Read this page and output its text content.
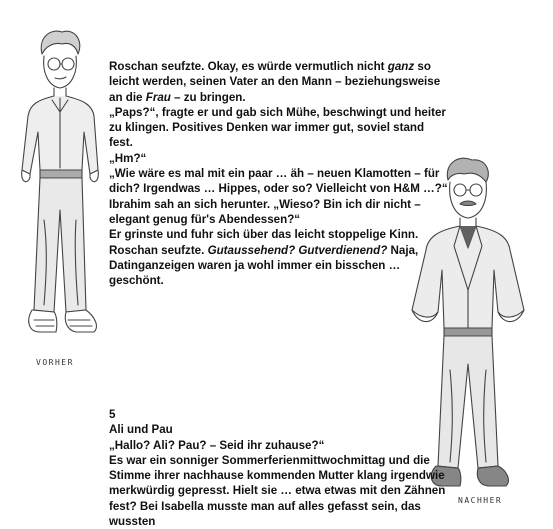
VORHER
NACHHER

Roschan seufzte. Okay, es würde vermutlich nicht ganz so leicht werden, seinen Vater an den Mann – beziehungsweise an die Frau – zu bringen.

„Paps?“, fragte er und gab sich Mühe, beschwingt und heiter zu klingen. Positives Denken war immer gut, soviel stand fest.

„Hm?“

„Wie wäre es mal mit ein paar … äh – neuen Klamotten – für dich? Irgendwas … Hippes, oder so? Vielleicht von H&M …?“

Ibrahim sah an sich herunter. „Wieso? Bin ich dir nicht – elegant genug für's Abendessen?“

Er grinste und fuhr sich über das leicht stoppelige Kinn.

Roschan seufzte. Gutaussehend? Gutverdienend? Naja, Datinganzeigen waren ja wohl immer ein bisschen … geschönt.

5

Ali und Pau

„Hallo? Ali? Pau? – Seid ihr zuhause?“

Es war ein sonniger Sommerferienmittwochmittag und die Stimme ihrer nachhause kommenden Mutter klang irgendwie merkwürdig gepresst. Hielt sie … etwa etwas mit den Zähnen fest? Bei Isabella musste man auf alles gefasst sein, das wussten
